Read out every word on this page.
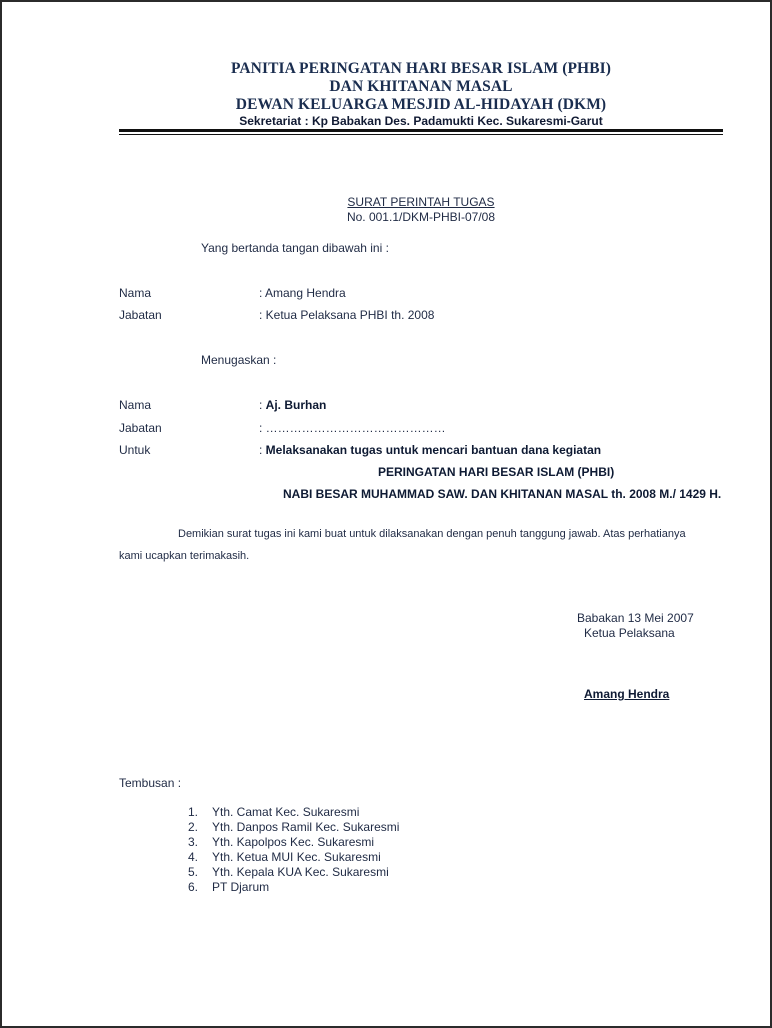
PANITIA PERINGATAN HARI BESAR ISLAM (PHBI)
DAN KHITANAN MASAL
DEWAN KELUARGA MESJID AL-HIDAYAH (DKM)
Sekretariat : Kp Babakan Des. Padamukti Kec. Sukaresmi-Garut
SURAT PERINTAH TUGAS
No. 001.1/DKM-PHBI-07/08
Yang bertanda tangan dibawah ini :
Nama	: Amang Hendra
Jabatan	: Ketua Pelaksana PHBI th. 2008
Menugaskan :
Nama	: Aj. Burhan
Jabatan	: ………………………………………
Untuk	: Melaksanakan tugas untuk mencari bantuan dana kegiatan
PERINGATAN HARI BESAR ISLAM (PHBI)
NABI BESAR MUHAMMAD SAW. DAN KHITANAN MASAL th. 2008 M./ 1429 H.
Demikian surat tugas ini kami buat untuk dilaksanakan dengan penuh tanggung jawab. Atas perhatianya
kami ucapkan terimakasih.
Babakan 13 Mei 2007
Ketua Pelaksana
Amang Hendra
Tembusan :
1. Yth. Camat Kec. Sukaresmi
2. Yth. Danpos Ramil Kec. Sukaresmi
3. Yth. Kapolpos Kec. Sukaresmi
4. Yth. Ketua MUI Kec. Sukaresmi
5. Yth. Kepala KUA Kec. Sukaresmi
6. PT Djarum
